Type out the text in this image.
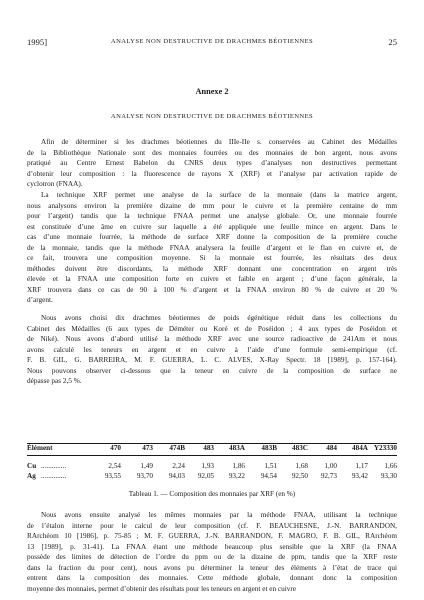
1995]	ANALYSE NON DESTRUCTIVE DE DRACHMES BÉOTIENNES	25
Annexe 2
ANALYSE NON DESTRUCTIVE DE DRACHMES BÉOTIENNES
Afin de déterminer si les drachmes béotiennes du IIIe-IIe s. conservées au Cabinet des Médailles
de la Bibliothèque Nationale sont des monnaies fourrées ou des monnaies de bon argent, nous avons
pratiqué au Centre Ernest Babelon du CNRS deux types d’analyses non destructives permettant
d’obtenir leur composition : la fluorescence de rayons X (XRF) et l’analyse par activation rapide de
cyclotron (FNAA).
La technique XRF permet une analyse de la surface de la monnaie (dans la matrice argent,
nous analysons environ la première dizaine de mm pour le cuivre et la première centaine de mm
pour l’argent) tandis que la technique FNAA permet une analyse globale. Or, une monnaie fourrée
est constituée d’une âme en cuivre sur laquelle a été appliquée une feuille mince en argent. Dans le
cas d’une monnaie fourrée, la méthode de surface XRF donne la composition de la première couche
de la monnaie, tandis que la méthode FNAA analysera la feuille d’argent et le flan en cuivre et, de
ce fait, trouvera une composition moyenne. Si la monnaie est fourrée, les résultats des deux
méthodes doivent être discordants, la méthode XRF donnant une concentration en argent très
élevée et la FNAA une composition forte en cuivre et faible en argent ; d’une façon générale, la
XRF trouvera dans ce cas de 90 à 100 % d’argent et la FNAA environ 80 % de cuivre et 20 %
d’argent.
Nous avons choisi dix drachmes béotiennes de poids égénétique réduit dans les collections du
Cabinet des Médailles (6 aux types de Déméter ou Koré et de Poséidon ; 4 aux types de Poséidon et
de Niké). Nous avons d’abord utilisé la méthode XRF avec une source radioactive de 241Am et nous
avons calculé les teneurs en argent et en cuivre à l’aide d’une formule semi-empirique (cf.
F. B. GIL, G. BARREIRA, M. F. GUERRA, L. C. ALVES, X-Ray Spectr. 18 [1989], p. 157-164).
Nous pouvons observer ci-dessous que la teneur en cuivre de la composition de surface ne
dépasse pas 2,5 %.
Élément	470	473	474B	483	483A	483B	483C	484	484A Y23330
Cu ..............	2,54	1,49	2,24	1,93	1,86	1,51	1,68	1,00	1,17	1,66
Ag ..............	93,55	93,70	94,03	92,05	93,22	94,54	92,50	92,73	93,42	93,30
Tableau 1. — Composition des monnaies par XRF (en %)
Nous avons ensuite analysé les mêmes monnaies par la méthode FNAA, utilisant la technique
de l’étalon interne pour le calcul de leur composition (cf. F. BEAUCHESNE, J.-N. BARRANDON,
RArchéom 10 [1986], p. 75-85 ; M. F. GUERRA, J.-N. BARRANDON, F. MAGRO, F. B. GIL, RArchéom
13 [1989], p. 31-41). La FNAA étant une méthode beaucoup plus sensible que la XRF (la FNAA
possède des limites de détection de l’ordre du ppm ou de la dizaine de ppm, tandis que la XRF reste
dans la fraction du pour cent), nous avons pu déterminer la teneur des éléments à l’état de trace qui
entrent dans la composition des monnaies. Cette méthode globale, donnant donc la composition
moyenne des monnaies, permet d’obtenir des résultats pour les teneurs en argent et en cuivre
